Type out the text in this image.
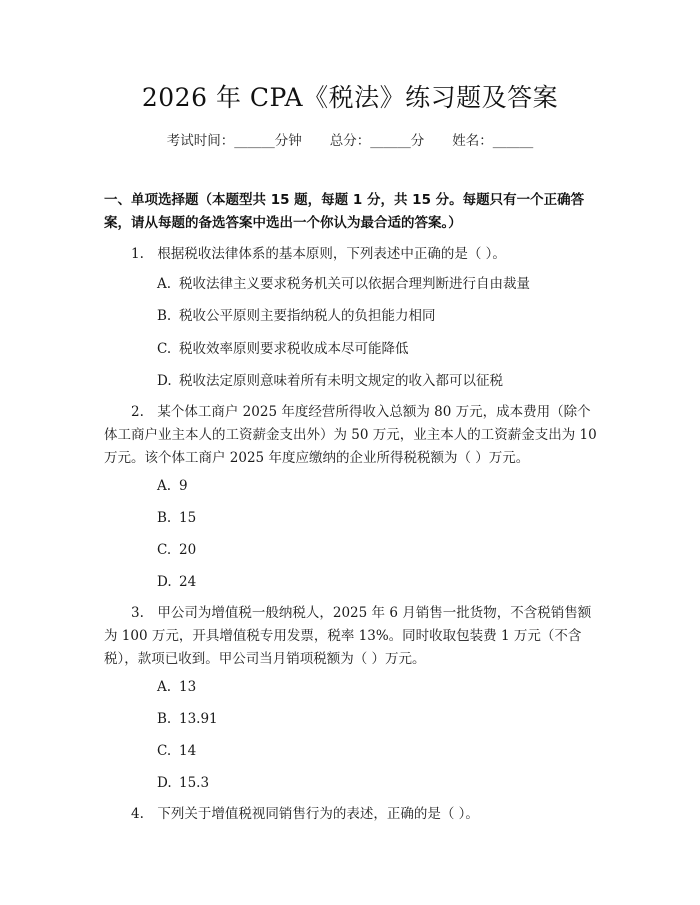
2026 年 CPA《税法》练习题及答案
考试时间：______分钟 总分：______分 姓名：______
一、单项选择题（本题型共 15 题，每题 1 分，共 15 分。每题只有一个正确答案，请从每题的备选答案中选出一个你认为最合适的答案。）
1.　根据税收法律体系的基本原则，下列表述中正确的是（ ）。
A. 税收法律主义要求税务机关可以依据合理判断进行自由裁量
B. 税收公平原则主要指纳税人的负担能力相同
C. 税收效率原则要求税收成本尽可能降低
D. 税收法定原则意味着所有未明文规定的收入都可以征税
2.　某个体工商户 2025 年度经营所得收入总额为 80 万元，成本费用（除个体工商户业主本人的工资薪金支出外）为 50 万元，业主本人的工资薪金支出为 10 万元。该个体工商户 2025 年度应缴纳的企业所得税税额为（ ）万元。
A. 9
B. 15
C. 20
D. 24
3.　甲公司为增值税一般纳税人，2025 年 6 月销售一批货物，不含税销售额为 100 万元，开具增值税专用发票，税率 13%。同时收取包装费 1 万元（不含税），款项已收到。甲公司当月销项税额为（ ）万元。
A. 13
B. 13.91
C. 14
D. 15.3
4.　下列关于增值税视同销售行为的表述，正确的是（ ）。
